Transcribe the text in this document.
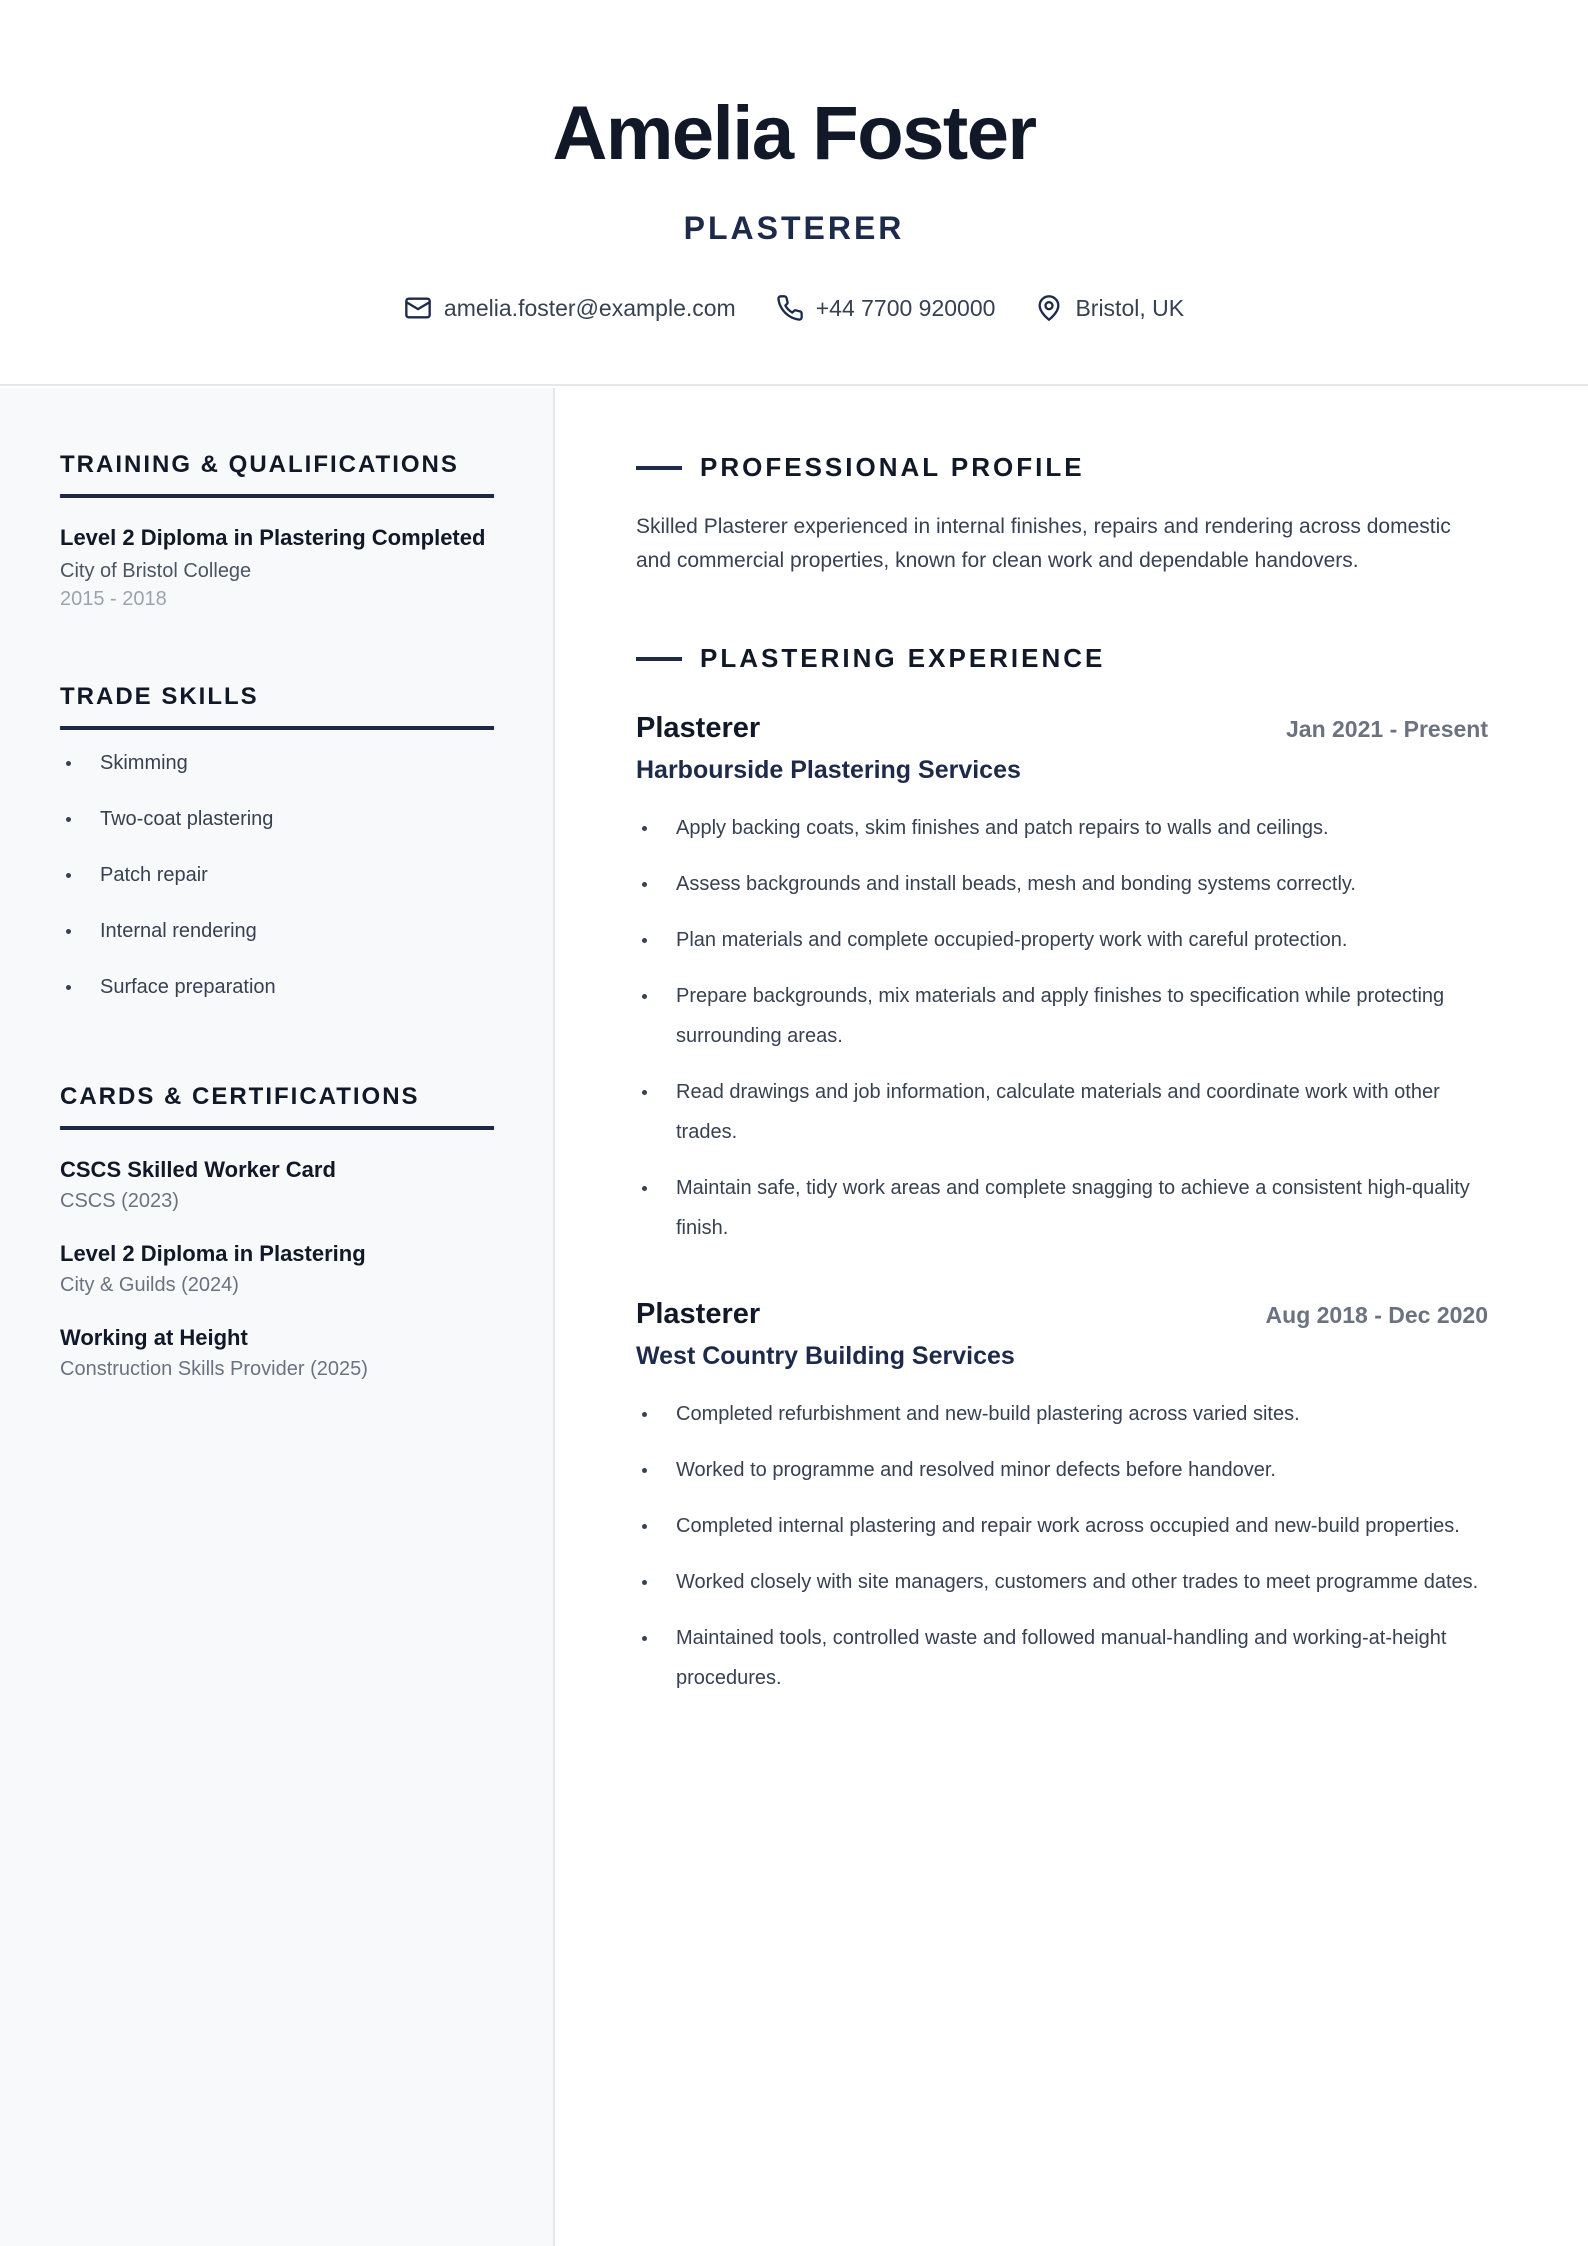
Amelia Foster
PLASTERER
amelia.foster@example.com	+44 7700 920000	Bristol, UK
TRAINING & QUALIFICATIONS
Level 2 Diploma in Plastering Completed
City of Bristol College
2015 - 2018
TRADE SKILLS
Skimming
Two-coat plastering
Patch repair
Internal rendering
Surface preparation
CARDS & CERTIFICATIONS
CSCS Skilled Worker Card
CSCS (2023)
Level 2 Diploma in Plastering
City & Guilds (2024)
Working at Height
Construction Skills Provider (2025)
PROFESSIONAL PROFILE
Skilled Plasterer experienced in internal finishes, repairs and rendering across domestic and commercial properties, known for clean work and dependable handovers.
PLASTERING EXPERIENCE
Plasterer	Jan 2021 - Present
Harbourside Plastering Services
Apply backing coats, skim finishes and patch repairs to walls and ceilings.
Assess backgrounds and install beads, mesh and bonding systems correctly.
Plan materials and complete occupied-property work with careful protection.
Prepare backgrounds, mix materials and apply finishes to specification while protecting surrounding areas.
Read drawings and job information, calculate materials and coordinate work with other trades.
Maintain safe, tidy work areas and complete snagging to achieve a consistent high-quality finish.
Plasterer	Aug 2018 - Dec 2020
West Country Building Services
Completed refurbishment and new-build plastering across varied sites.
Worked to programme and resolved minor defects before handover.
Completed internal plastering and repair work across occupied and new-build properties.
Worked closely with site managers, customers and other trades to meet programme dates.
Maintained tools, controlled waste and followed manual-handling and working-at-height procedures.
